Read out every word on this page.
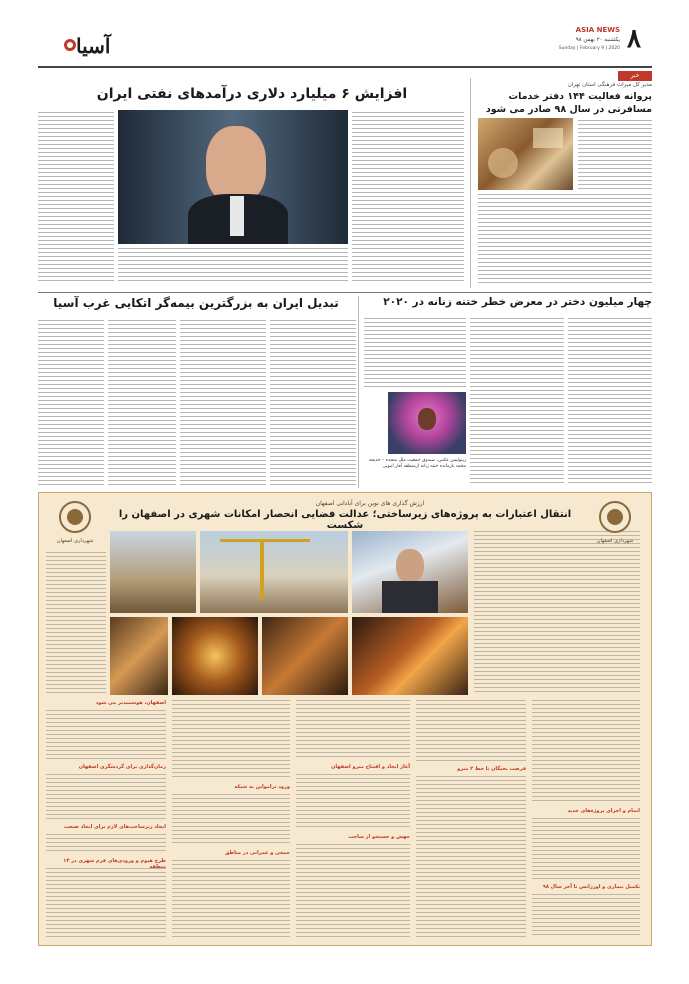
آسیا
ASIA NEWS
یکشنبه ۲۰ بهمن ۹۸
Sunday | February 9 | 2020 ۸
خبر
مدیر کل میراث فرهنگی استان تهران
پروانه فعالیت ۱۴۴ دفتر خدمات
مسافرتی در سال ۹۸ صادر می شود
افزایش ۶ میلیارد دلاری درآمدهای نفتی ایران
چهار میلیون دختر در معرض خطر ختنه زنانه در ۲۰۲۰
زینولیس عکس، صندوق جمعیت ملل متحده – خدیجه محمد بازمانده ختنه زنانه ازمنطقه آفار اتیوپی
تبدیل ایران به بزرگترین بیمه‌گر اتکایی غرب آسیا
شهرداری اصفهان
شهرداری اصفهان
ارزش گذاری های نوین برای آبادانی اصفهان
انتقال اعتبارات به پروژه‌های زیرساختی؛ عدالت فضایی انحصار امکانات شهری در اصفهان را شکست
اصفهان، هوشمندتر می شود
زمان‌گذاری برای گردشگری اصفهان
ایجاد زیرساخت‌های لازم برای ایجاد صنعت
طرح هیوم و ورودی‌های فرم شهری در ۱۴ منطقه
ورود ترامواین به شبکه
جمعی و عمرانی در مناطق
آغاز ایجاد و افتتاح مترو اصفهان
جهش و جستجو از ساخت
فرصت نخبگان تا خط ۲ مترو
اتمام و اجرای پروژه‌های جدید
تکمیل بیماری و اورژانس تا آخر سال ۹۸
